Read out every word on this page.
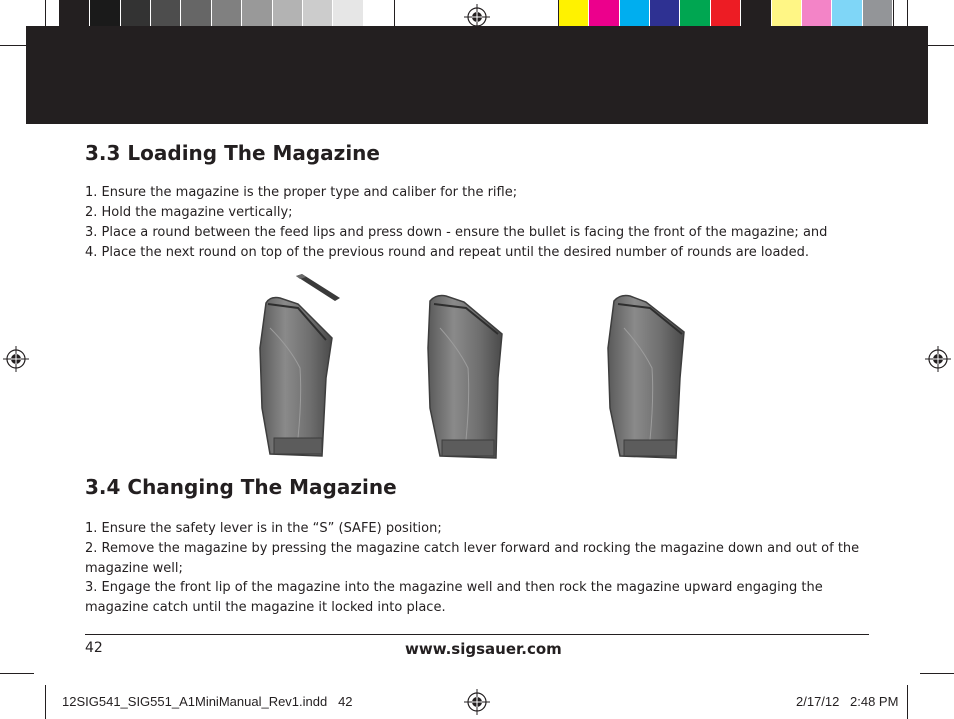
3.3 Loading The Magazine

1. Ensure the magazine is the proper type and caliber for the rifle;

2. Hold the magazine vertically;

3. Place a round between the feed lips and press down - ensure the bullet is facing the front of the magazine; and

4. Place the next round on top of the previous round and repeat until the desired number of rounds are loaded.

3.4 Changing The Magazine

1. Ensure the safety lever is in the “S” (SAFE) position;

2. Remove the magazine by pressing the magazine catch lever forward and rocking the magazine down and out of the magazine well;

3. Engage the front lip of the magazine into the magazine well and then rock the magazine upward engaging the magazine catch until the magazine it locked into place.

42	www.sigsauer.com
12SIG541_SIG551_A1MiniManual_Rev1.indd   42	2/17/12 2:48 PM
